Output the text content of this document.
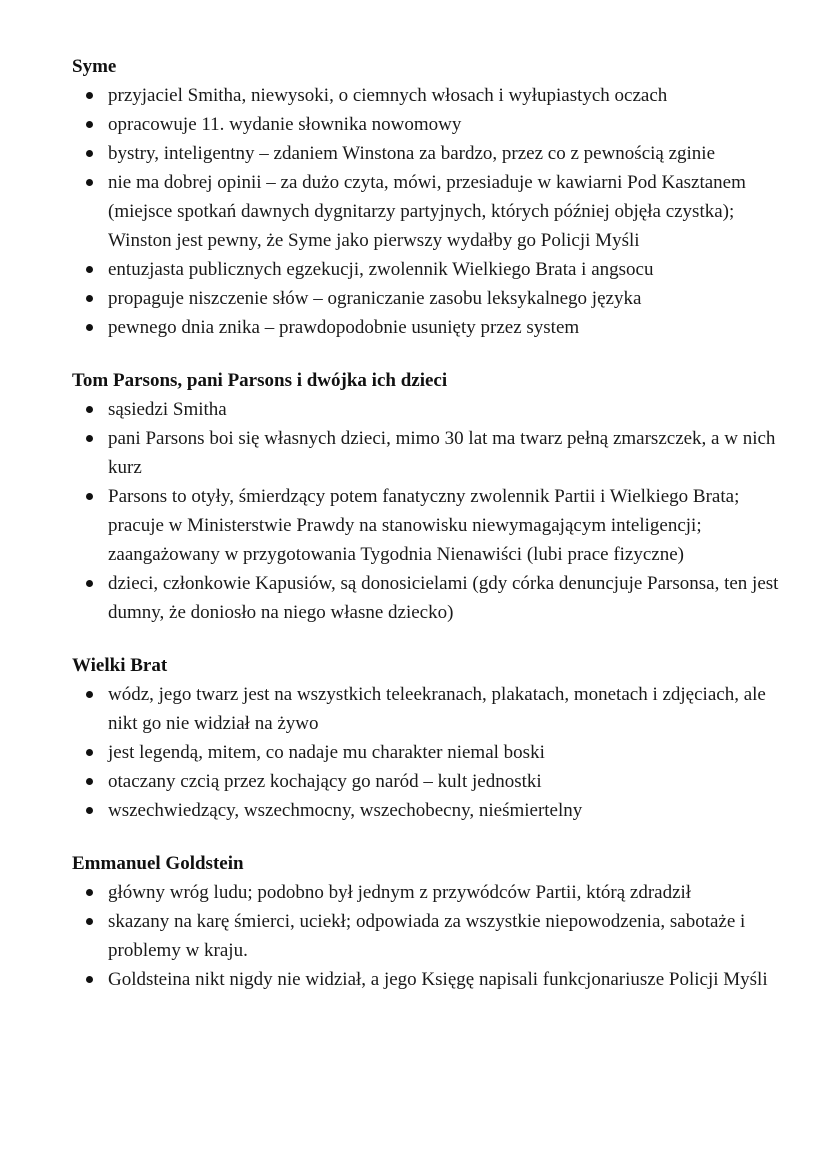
Syme
przyjaciel Smitha, niewysoki, o ciemnych włosach i wyłupiastych oczach
opracowuje 11. wydanie słownika nowomowy
bystry, inteligentny – zdaniem Winstona za bardzo, przez co z pewnością zginie
nie ma dobrej opinii – za dużo czyta, mówi, przesiaduje w kawiarni Pod Kasztanem (miejsce spotkań dawnych dygnitarzy partyjnych, których później objęła czystka); Winston jest pewny, że Syme jako pierwszy wydałby go Policji Myśli
entuzjasta publicznych egzekucji, zwolennik Wielkiego Brata i angsocu
propaguje niszczenie słów – ograniczanie zasobu leksykalnego języka
pewnego dnia znika – prawdopodobnie usunięty przez system
Tom Parsons, pani Parsons i dwójka ich dzieci
sąsiedzi Smitha
pani Parsons boi się własnych dzieci, mimo 30 lat ma twarz pełną zmarszczek, a w nich kurz
Parsons to otyły, śmierdzący potem fanatyczny zwolennik Partii i Wielkiego Brata; pracuje w Ministerstwie Prawdy na stanowisku niewymagającym inteligencji; zaangażowany w przygotowania Tygodnia Nienawiści (lubi prace fizyczne)
dzieci, członkowie Kapusiów, są donosicielami (gdy córka denuncjuje Parsonsa, ten jest dumny, że doniosło na niego własne dziecko)
Wielki Brat
wódz, jego twarz jest na wszystkich teleekranach, plakatach, monetach i zdjęciach, ale nikt go nie widział na żywo
jest legendą, mitem, co nadaje mu charakter niemal boski
otaczany czcią przez kochający go naród – kult jednostki
wszechwiedzący, wszechmocny, wszechobecny, nieśmiertelny
Emmanuel Goldstein
główny wróg ludu; podobno był jednym z przywódców Partii, którą zdradził
skazany na karę śmierci, uciekł; odpowiada za wszystkie niepowodzenia, sabotaże i problemy w kraju.
Goldsteina nikt nigdy nie widział, a jego Księgę napisali funkcjonariusze Policji Myśli
